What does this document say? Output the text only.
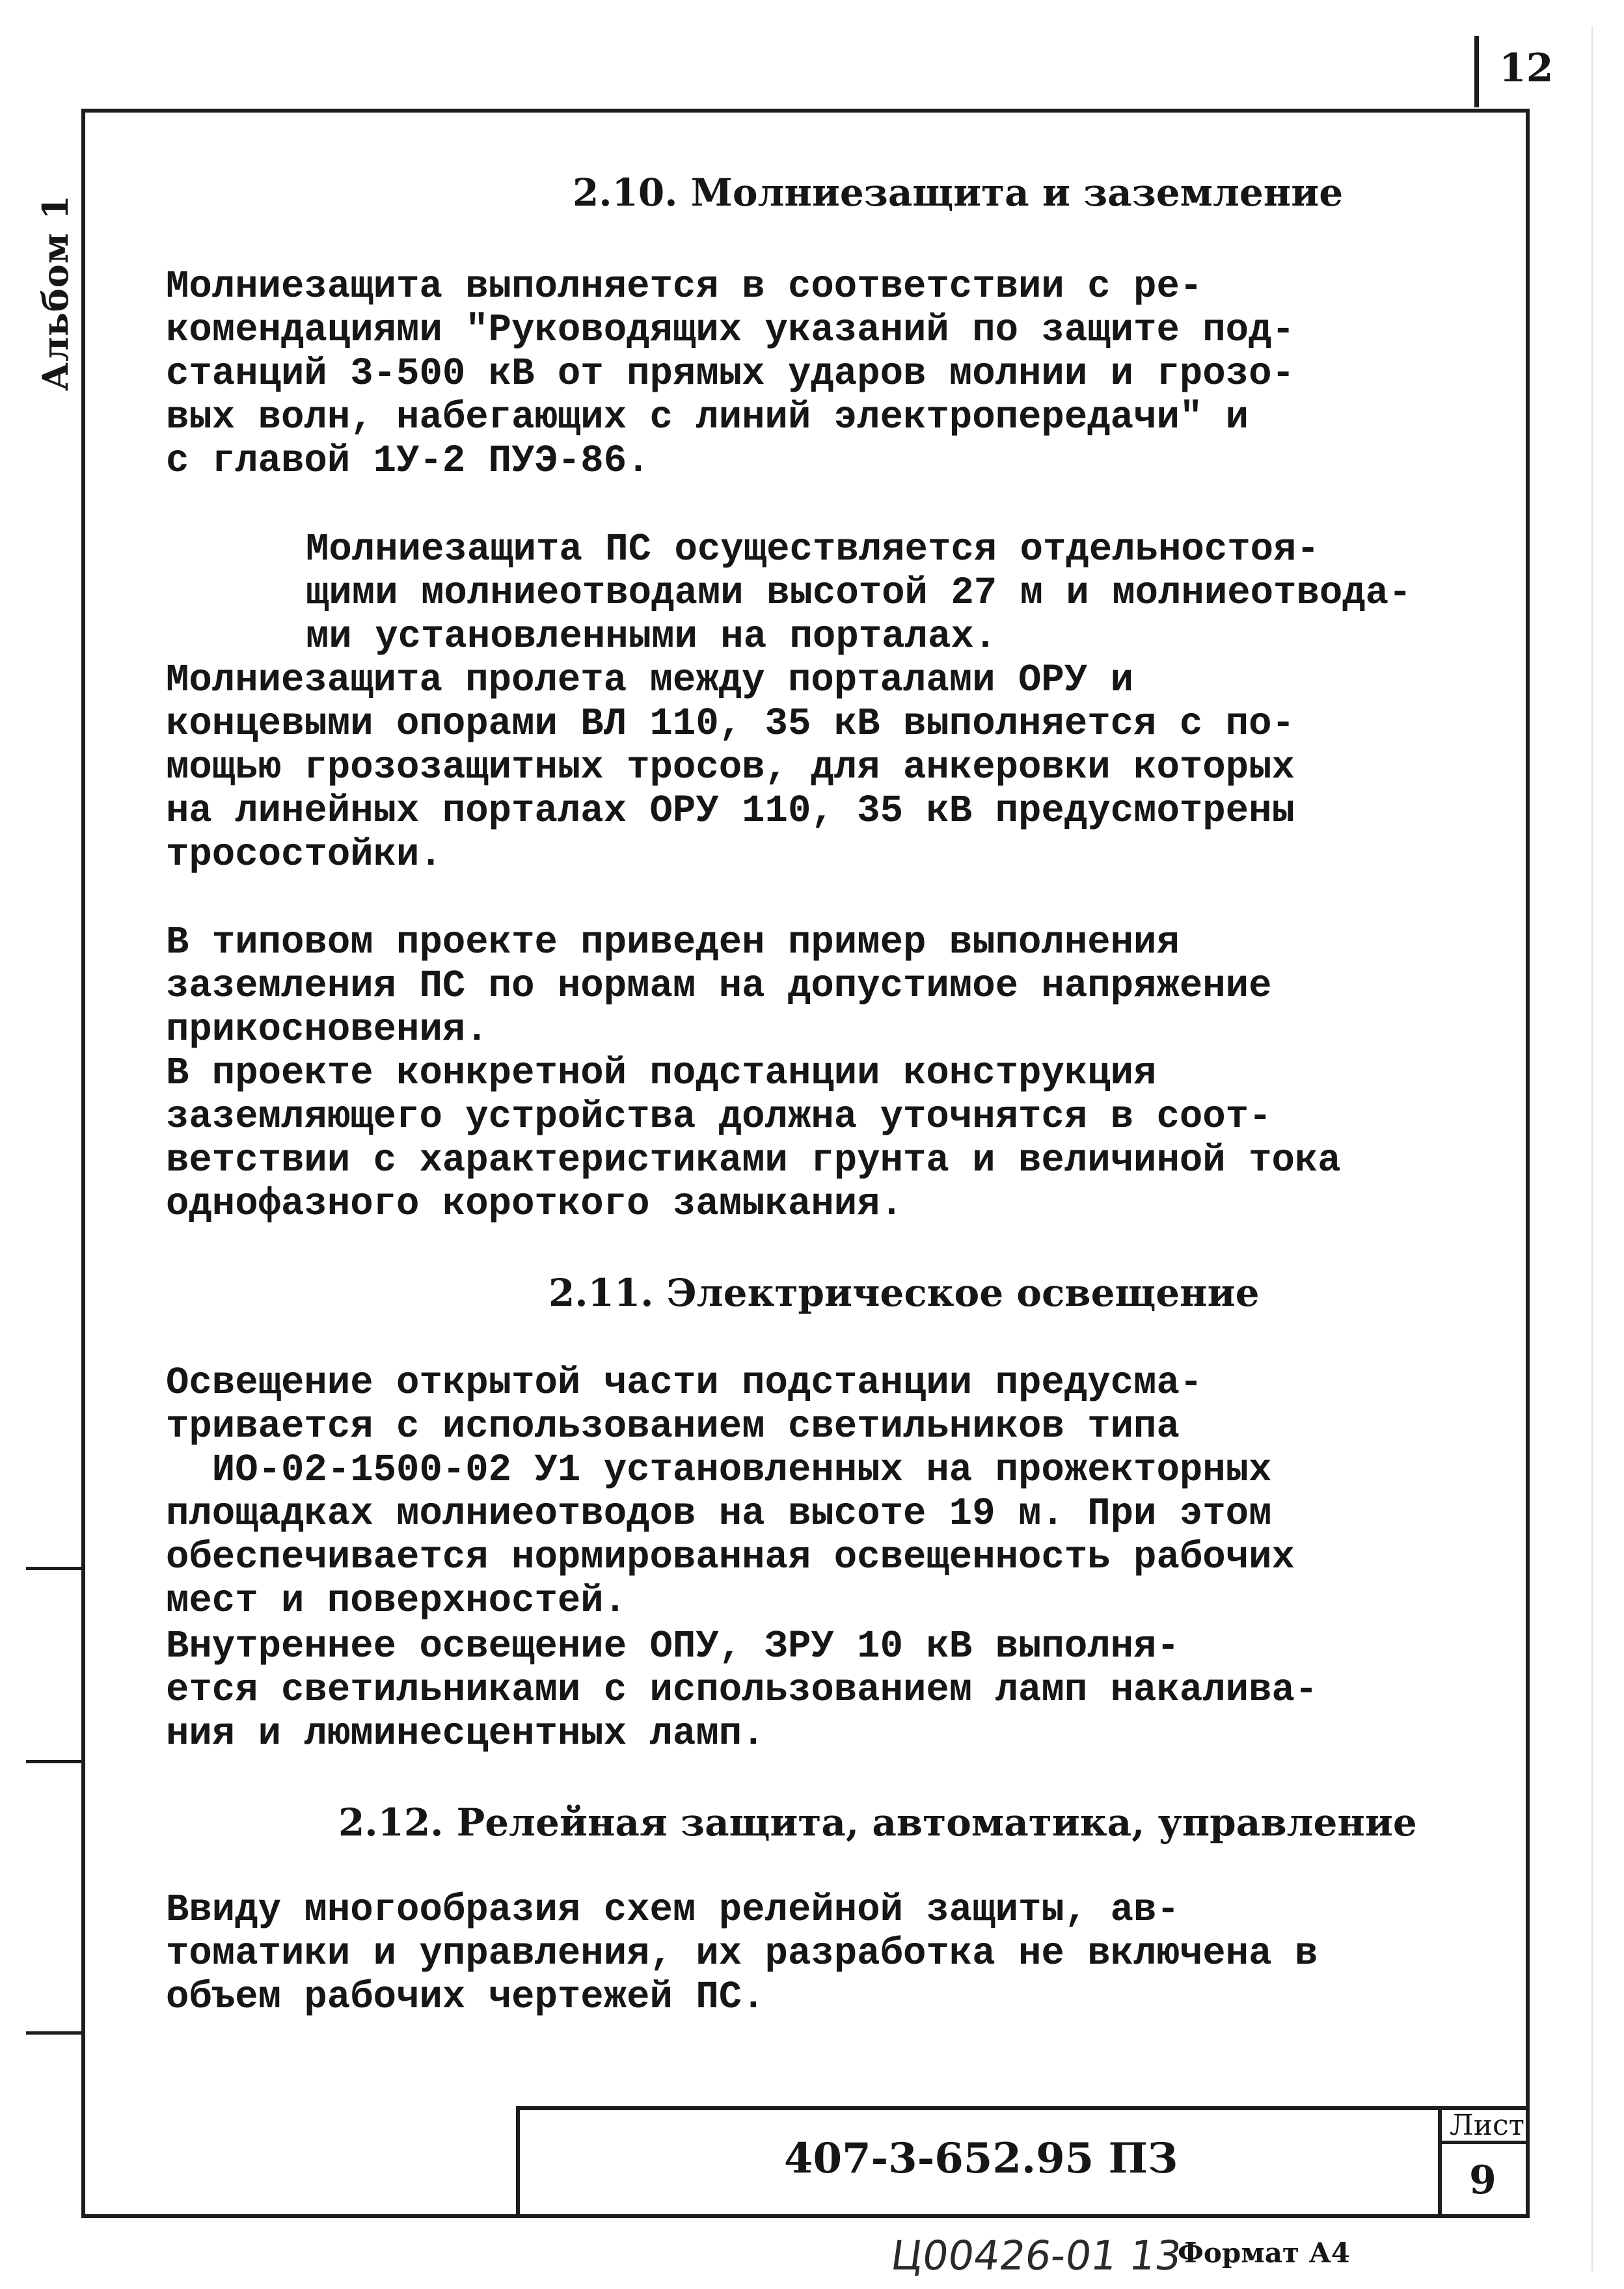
12
Альбом 1
2.10. Молниезащита и заземление
Молниезащита выполняется в соответствии с ре-
комендациями "Руководящих указаний по защите под-
станций 3-500 кВ от прямых ударов молнии и грозо-
вых волн, набегающих с линий электропередачи" и
с главой 1У-2 ПУЭ-86.
Молниезащита ПС осуществляется отдельностоя-
щими молниеотводами высотой 27 м и молниеотвода-
ми установленными на порталах.
Молниезащита пролета между порталами ОРУ и
концевыми опорами ВЛ 110, 35 кВ выполняется с по-
мощью грозозащитных тросов, для анкеровки которых
на линейных порталах ОРУ 110, 35 кВ предусмотрены
тросостойки.
В типовом проекте приведен пример выполнения
заземления ПС по нормам на допустимое напряжение
прикосновения.
В проекте конкретной подстанции конструкция
заземляющего устройства должна уточнятся в соот-
ветствии с характеристиками грунта и величиной тока
однофазного короткого замыкания.
2.11. Электрическое освещение
Освещение открытой части подстанции предусма-
тривается с использованием светильников типа
ИО-02-1500-02 У1 установленных на прожекторных
площадках молниеотводов на высоте 19 м. При этом
обеспечивается нормированная освещенность рабочих
мест и поверхностей.
Внутреннее освещение ОПУ, ЗРУ 10 кВ выполня-
ется светильниками с использованием ламп накалива-
ния и люминесцентных ламп.
2.12. Релейная защита, автоматика, управление
Ввиду многообразия схем релейной защиты, ав-
томатики и управления, их разработка не включена в
объем рабочих чертежей ПС.
407-3-652.95 ПЗ
Лист
9
Ц00426-01 13
Формат А4
